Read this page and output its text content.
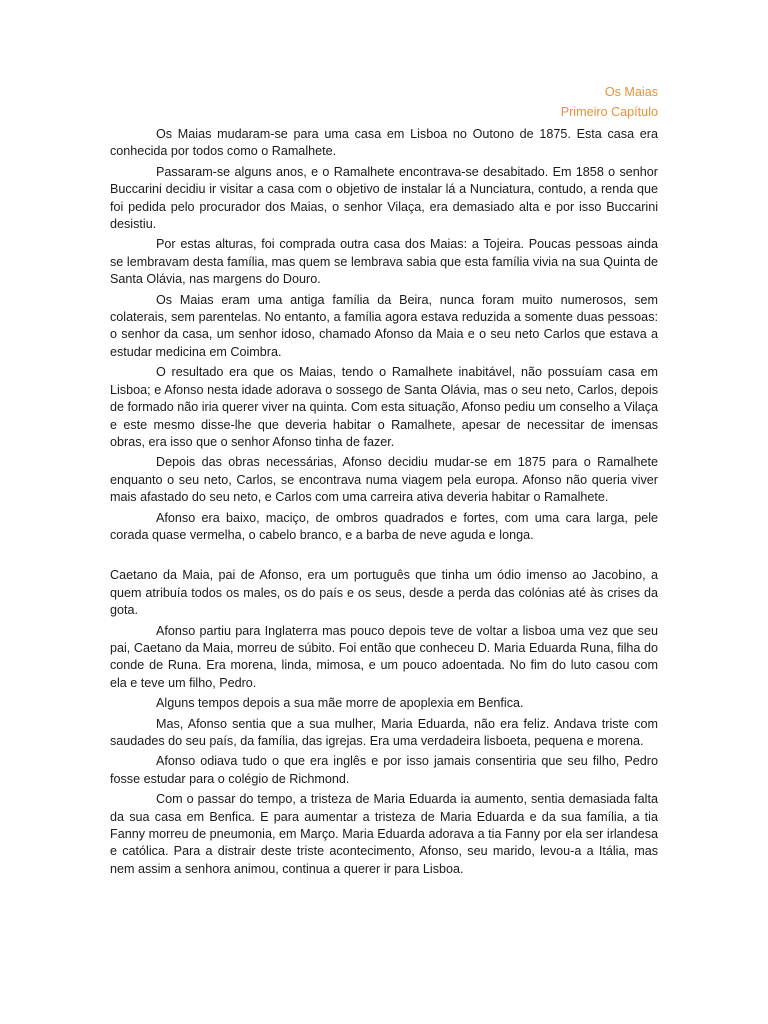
Os Maias
Primeiro Capítulo

Os Maias mudaram-se para uma casa em Lisboa no Outono de 1875. Esta casa era conhecida por todos como o Ramalhete.

Passaram-se alguns anos, e o Ramalhete encontrava-se desabitado. Em 1858 o senhor Buccarini decidiu ir visitar a casa com o objetivo de instalar lá a Nunciatura, contudo, a renda que foi pedida pelo procurador dos Maias, o senhor Vilaça, era demasiado alta e por isso Buccarini desistiu.

Por estas alturas, foi comprada outra casa dos Maias: a Tojeira. Poucas pessoas ainda se lembravam desta família, mas quem se lembrava sabia que esta família vivia na sua Quinta de Santa Olávia, nas margens do Douro.

Os Maias eram uma antiga família da Beira, nunca foram muito numerosos, sem colaterais, sem parentelas. No entanto, a família agora estava reduzida a somente duas pessoas: o senhor da casa, um senhor idoso, chamado Afonso da Maia e o seu neto Carlos que estava a estudar medicina em Coimbra.

O resultado era que os Maias, tendo o Ramalhete inabitável, não possuíam casa em Lisboa; e Afonso nesta idade adorava o sossego de Santa Olávia, mas o seu neto, Carlos, depois de formado não iria querer viver na quinta. Com esta situação, Afonso pediu um conselho a Vilaça e este mesmo disse-lhe que deveria habitar o Ramalhete, apesar de necessitar de imensas obras, era isso que o senhor Afonso tinha de fazer.

Depois das obras necessárias, Afonso decidiu mudar-se em 1875 para o Ramalhete enquanto o seu neto, Carlos, se encontrava numa viagem pela europa. Afonso não queria viver mais afastado do seu neto, e Carlos com uma carreira ativa deveria habitar o Ramalhete.

Afonso era baixo, maciço, de ombros quadrados e fortes, com uma cara larga, pele corada quase vermelha, o cabelo branco, e a barba de neve aguda e longa.

Caetano da Maia, pai de Afonso, era um português que tinha um ódio imenso ao Jacobino, a quem atribuía todos os males, os do país e os seus, desde a perda das colónias até às crises da gota.

Afonso partiu para Inglaterra mas pouco depois teve de voltar a lisboa uma vez que seu pai, Caetano da Maia, morreu de súbito. Foi então que conheceu D. Maria Eduarda Runa, filha do conde de Runa. Era morena, linda, mimosa, e um pouco adoentada. No fim do luto casou com ela e teve um filho, Pedro.

Alguns tempos depois a sua mãe morre de apoplexia em Benfica.

Mas, Afonso sentia que a sua mulher, Maria Eduarda, não era feliz. Andava triste com saudades do seu país, da família, das igrejas. Era uma verdadeira lisboeta, pequena e morena.

Afonso odiava tudo o que era inglês e por isso jamais consentiria que seu filho, Pedro fosse estudar para o colégio de Richmond.

Com o passar do tempo, a tristeza de Maria Eduarda ia aumento, sentia demasiada falta da sua casa em Benfica. E para aumentar a tristeza de Maria Eduarda e da sua família, a tia Fanny morreu de pneumonia, em Março. Maria Eduarda adorava a tia Fanny por ela ser irlandesa e católica. Para a distrair deste triste acontecimento, Afonso, seu marido, levou-a a Itália, mas nem assim a senhora animou, continua a querer ir para Lisboa.
